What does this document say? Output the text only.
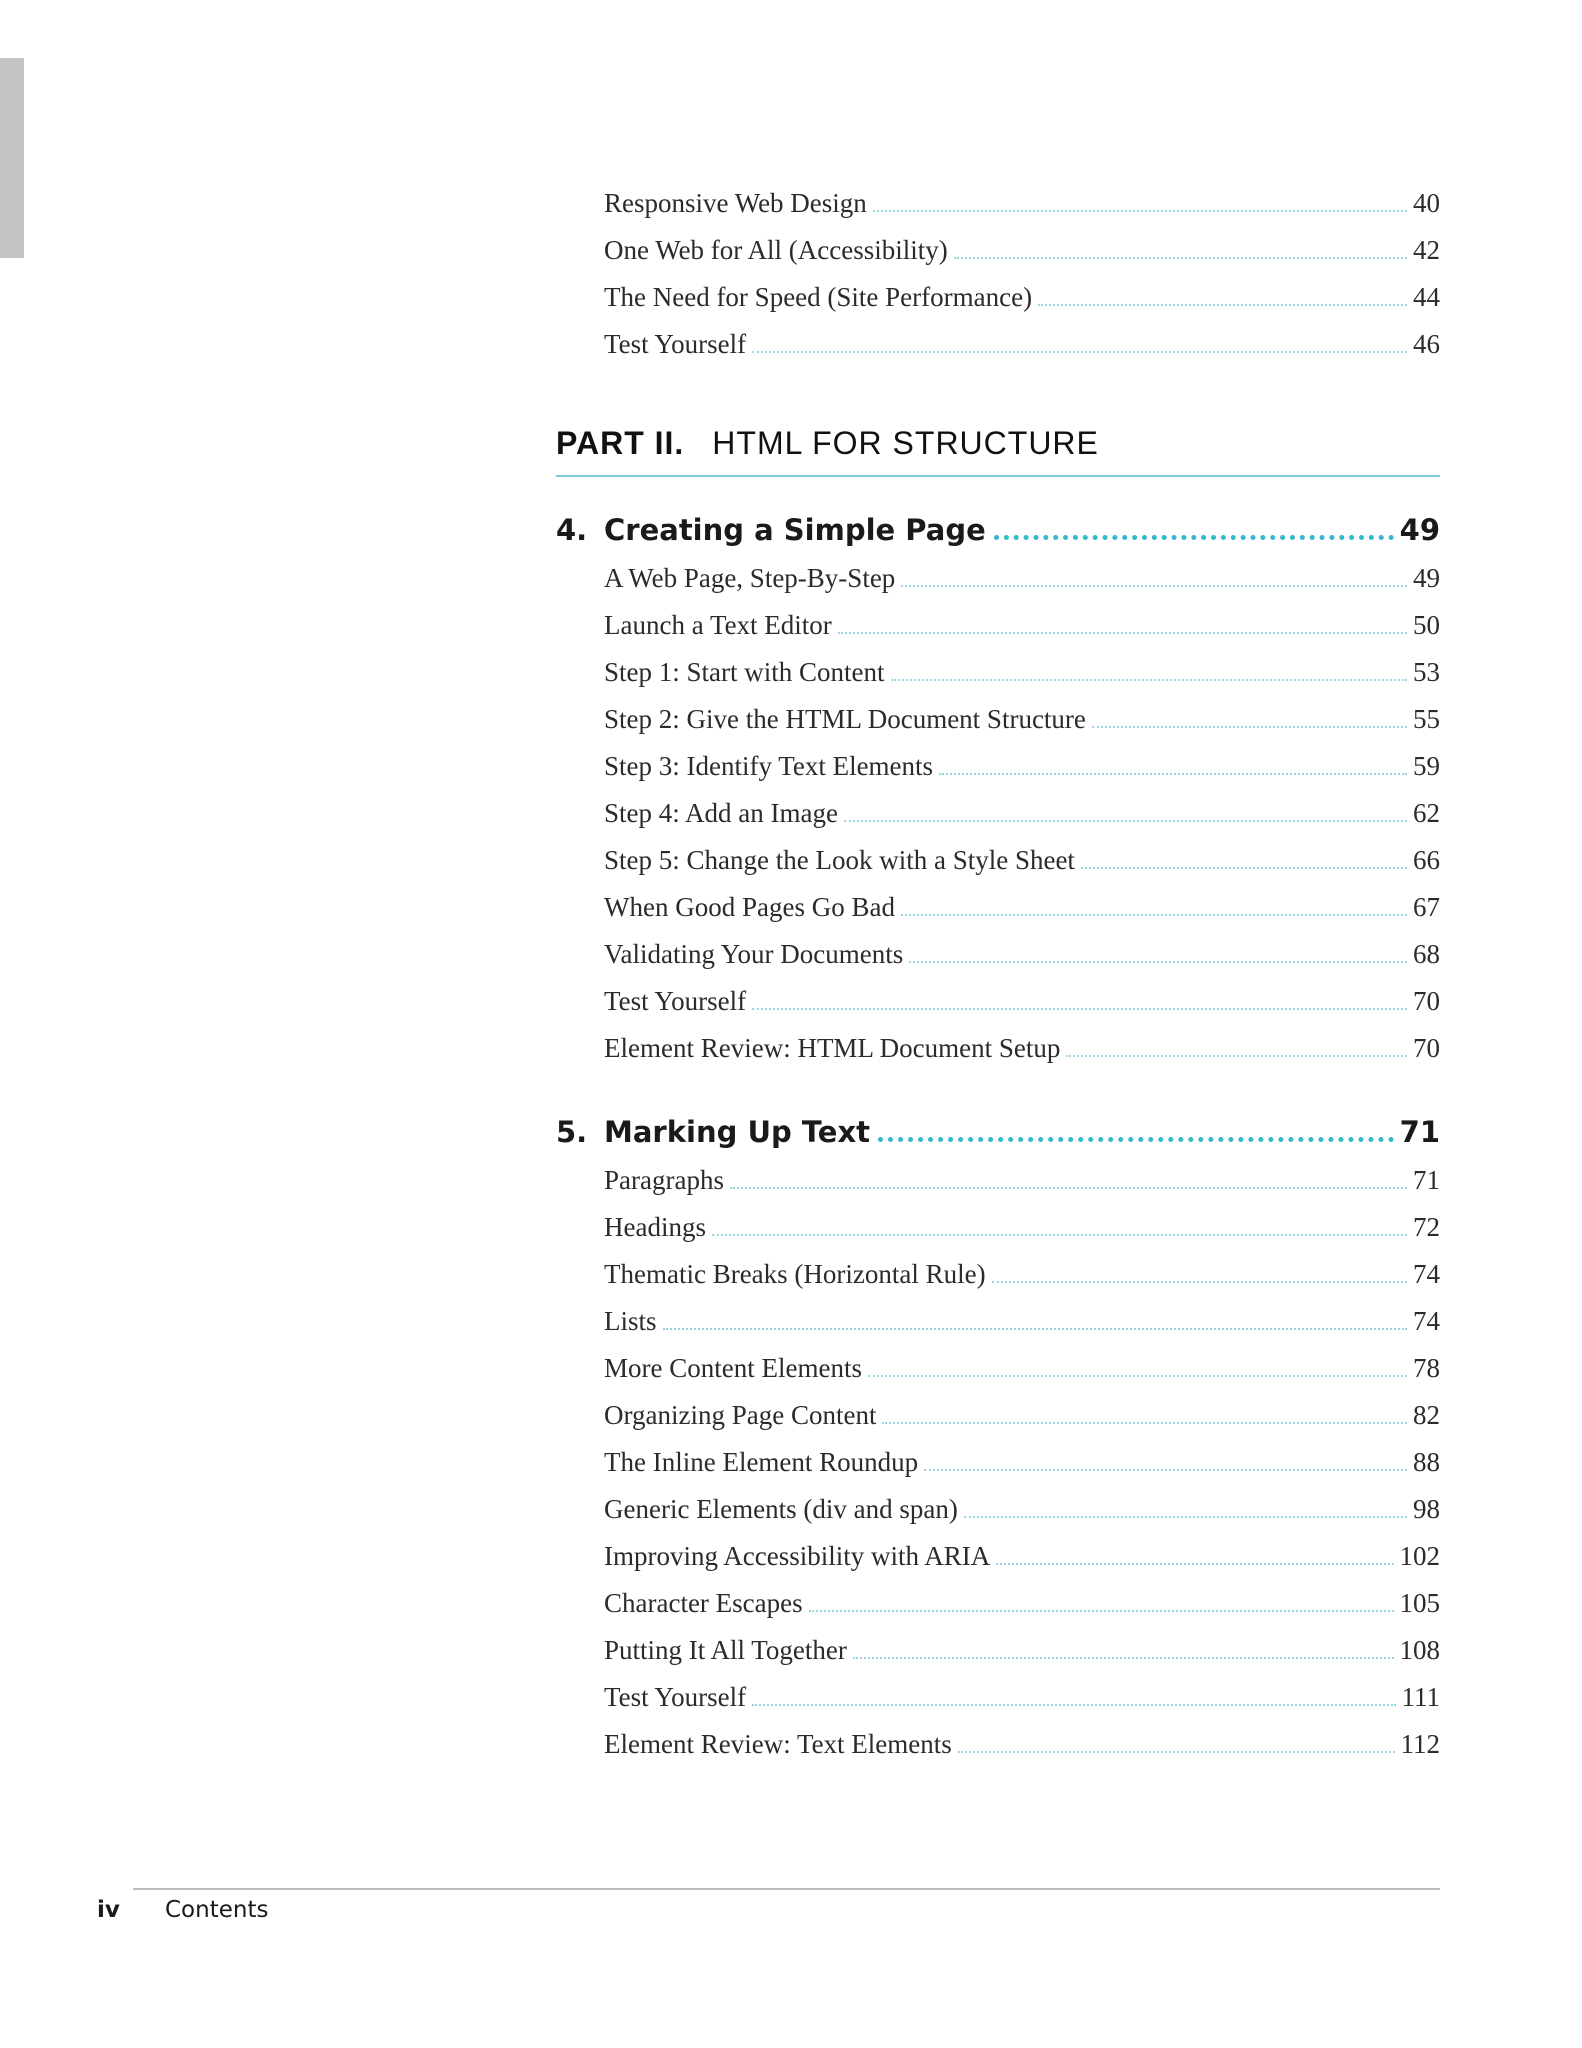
Responsive Web Design	40
One Web for All (Accessibility)	42
The Need for Speed (Site Performance)	44
Test Yourself	46
PART II. HTML FOR STRUCTURE
4. Creating a Simple Page	49
A Web Page, Step-By-Step	49
Launch a Text Editor	50
Step 1: Start with Content	53
Step 2: Give the HTML Document Structure	55
Step 3: Identify Text Elements	59
Step 4: Add an Image	62
Step 5: Change the Look with a Style Sheet	66
When Good Pages Go Bad	67
Validating Your Documents	68
Test Yourself	70
Element Review: HTML Document Setup	70
5. Marking Up Text	71
Paragraphs	71
Headings	72
Thematic Breaks (Horizontal Rule)	74
Lists	74
More Content Elements	78
Organizing Page Content	82
The Inline Element Roundup	88
Generic Elements (div and span)	98
Improving Accessibility with ARIA	102
Character Escapes	105
Putting It All Together	108
Test Yourself	111
Element Review: Text Elements	112
iv Contents
